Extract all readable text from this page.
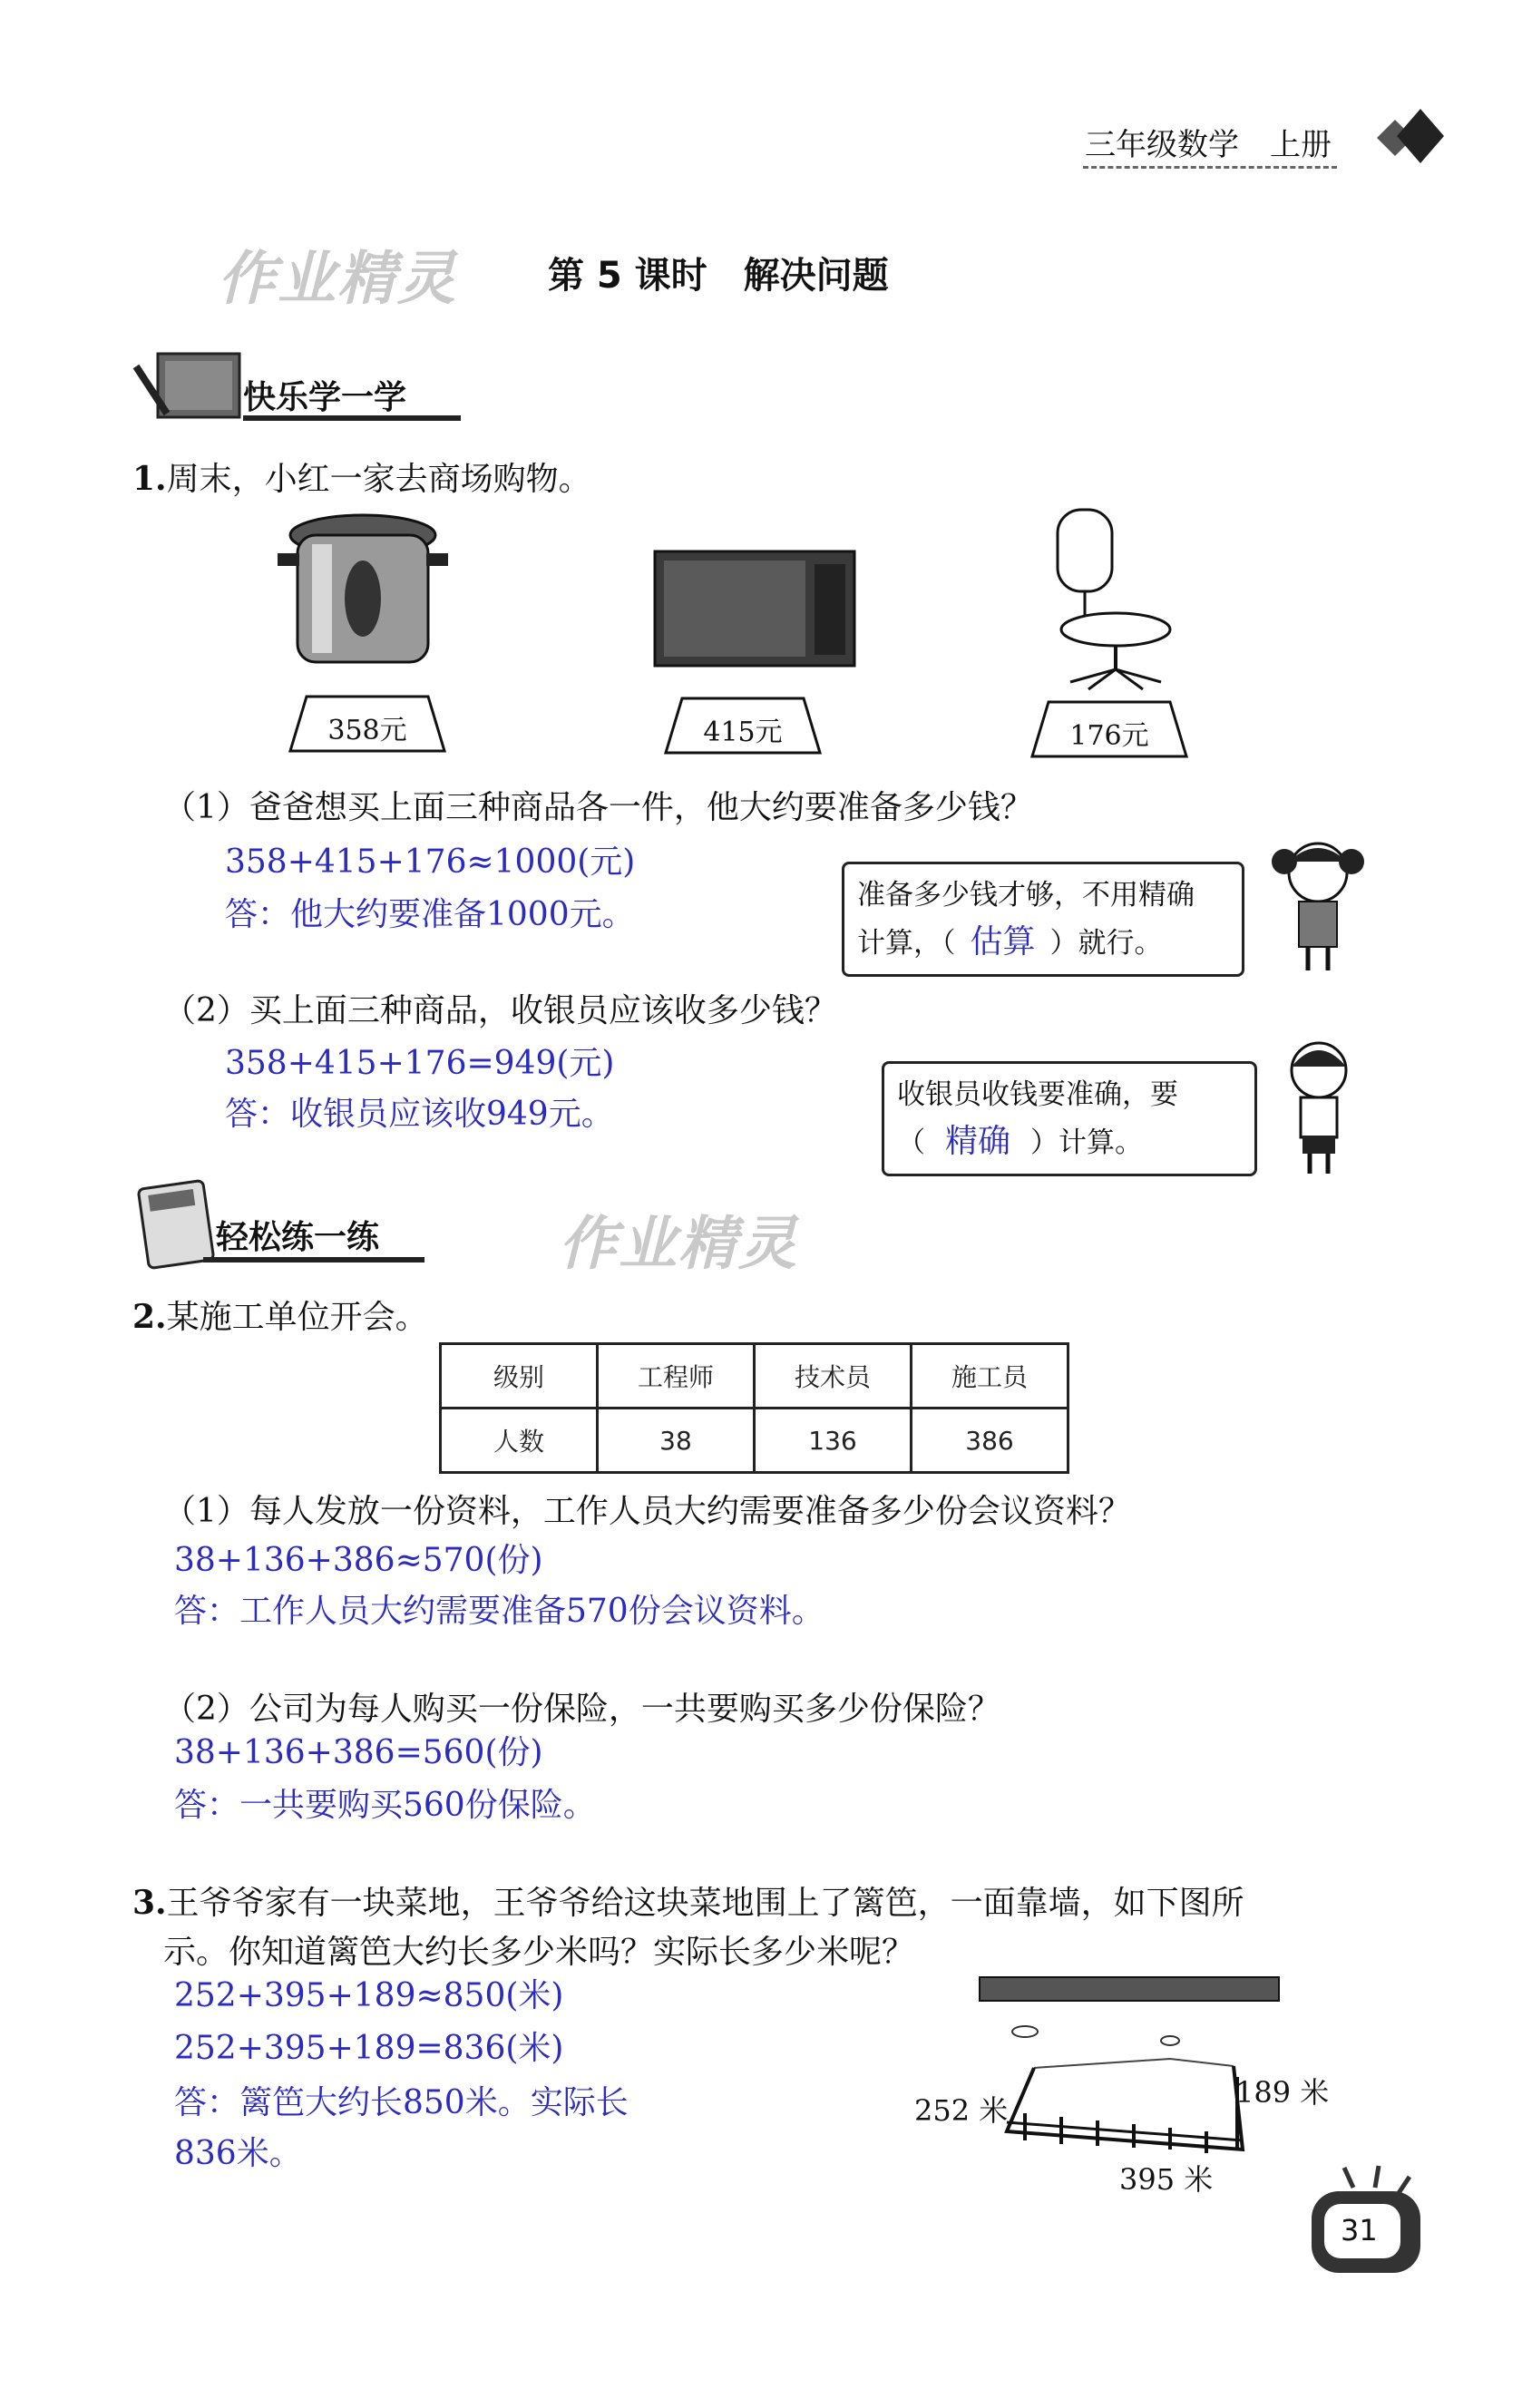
三年级数学　上册
作业精灵	第 5 课时　解决问题
快乐学一学
1.周末，小红一家去商场购物。
358元	415元	176元
（1）爸爸想买上面三种商品各一件，他大约要准备多少钱？
358+415+176≈1000(元)
答：他大约要准备1000元。
准备多少钱才够，不用精确
计算，（ 估算 ）就行。
（2）买上面三种商品，收银员应该收多少钱？
358+415+176=949(元)
答：收银员应该收949元。
收银员收钱要准确，要
（ 精确 ）计算。
轻松练一练	作业精灵
2.某施工单位开会。
级别	工程师	技术员	施工员
人数	38	136	386
（1）每人发放一份资料，工作人员大约需要准备多少份会议资料？
38+136+386≈570(份)
答：工作人员大约需要准备570份会议资料。
（2）公司为每人购买一份保险，一共要购买多少份保险？
38+136+386=560(份)
答：一共要购买560份保险。
3.王爷爷家有一块菜地，王爷爷给这块菜地围上了篱笆，一面靠墙，如下图所
示。你知道篱笆大约长多少米吗？实际长多少米呢？
252+395+189≈850(米)
252+395+189=836(米)
答：篱笆大约长850米。实际长
836米。
252 米
189 米
395 米
31
